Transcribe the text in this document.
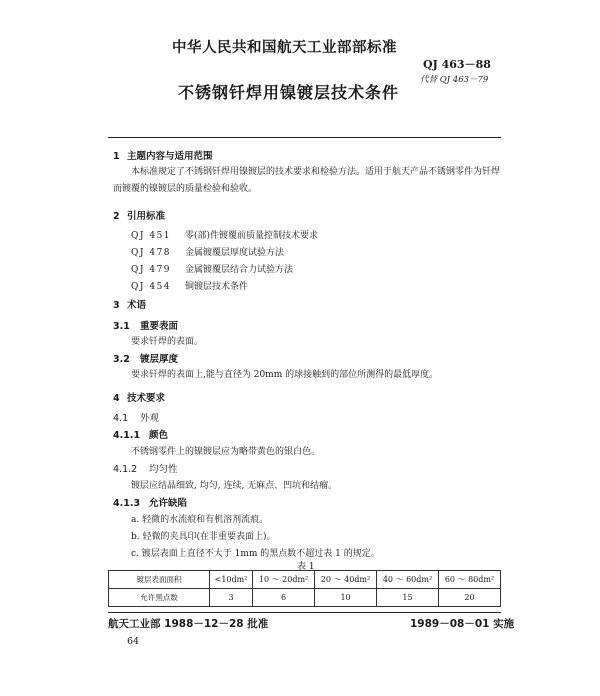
中华人民共和国航天工业部部标准
QJ 463－88
不锈钢钎焊用镍镀层技术条件
代替 QJ 463－79
1 主题内容与适用范围
本标准规定了不锈钢钎焊用镍镀层的技术要求和检验方法。适用于航天产品不锈钢零件为钎焊而镀覆的镍镀层的质量检验和验收。
2 引用标准
QJ 451 零(部)件镀覆前质量控制技术要求
QJ 478 金属镀覆层厚度试验方法
QJ 479 金属镀覆层结合力试验方法
QJ 454 铜镀层技术条件
3 术语
3.1 重要表面
要求钎焊的表面。
3.2 镀层厚度
要求钎焊的表面上,能与直径为 20mm 的球接触到的部位所测得的最低厚度。
4 技术要求
4.1 外观
4.1.1 颜色
不锈钢零件上的镍镀层应为略带黄色的银白色。
4.1.2 均匀性
镀层应结晶细致, 均匀, 连续, 无麻点、凹坑和结瘤。
4.1.3 允许缺陷
a. 轻微的水流痕和有机溶剂流痕。
b. 轻微的夹具印(在非重要表面上)。
c. 镀层表面上直径不大于 1mm 的黑点数不超过表 1 的规定。
表 1
镀层表面面积	<10dm²	10 ～ 20dm²	20 ～ 40dm²	40 ～ 60dm²	60 ～ 80dm²
允许黑点数	3	6	10	15	20
航天工业部 1988－12－28 批准	1989－08－01 实施
64
